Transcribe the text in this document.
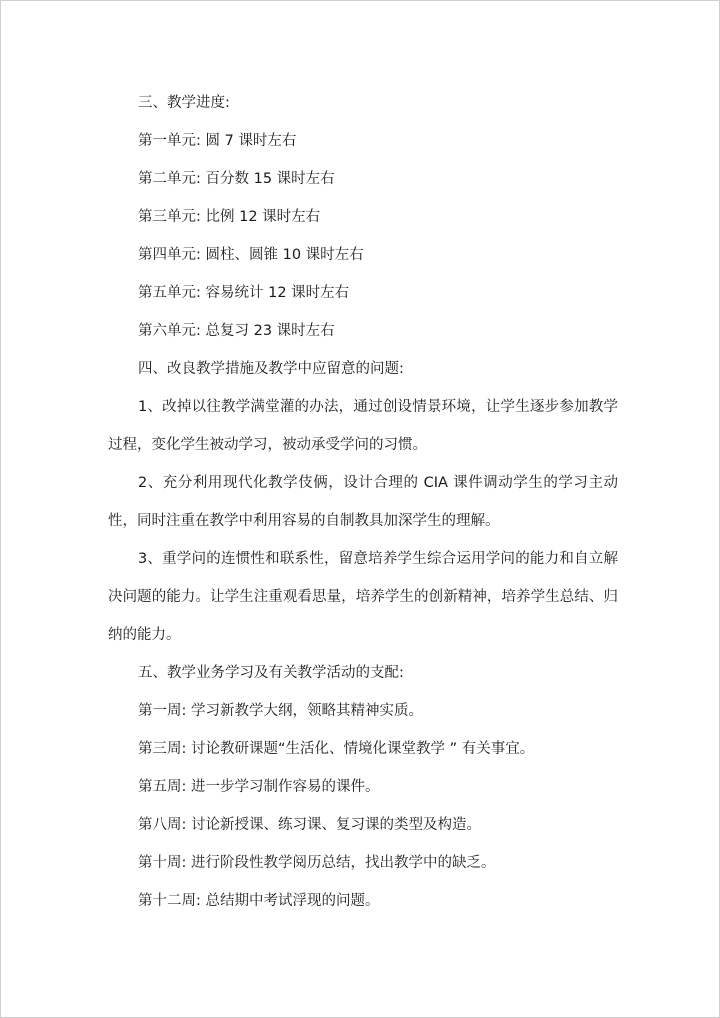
三、教学进度:
第一单元: 圆 7 课时左右
第二单元: 百分数 15 课时左右
第三单元: 比例 12 课时左右
第四单元: 圆柱、圆锥 10 课时左右
第五单元: 容易统计 12 课时左右
第六单元: 总复习 23 课时左右
四、改良教学措施及教学中应留意的问题:
1、改掉以往教学满堂灌的办法，通过创设情景环境，让学生逐步参加教学过程，变化学生被动学习，被动承受学问的习惯。
2、充分利用现代化教学伎俩，设计合理的 CIA 课件调动学生的学习主动性，同时注重在教学中利用容易的自制教具加深学生的理解。
3、重学问的连惯性和联系性，留意培养学生综合运用学问的能力和自立解决问题的能力。让学生注重观看思量，培养学生的创新精神，培养学生总结、归纳的能力。
五、教学业务学习及有关教学活动的支配:
第一周: 学习新教学大纲，领略其精神实质。
第三周: 讨论教研课题“生活化、情境化课堂教学 ” 有关事宜。
第五周: 进一步学习制作容易的课件。
第八周: 讨论新授课、练习课、复习课的类型及构造。
第十周: 进行阶段性教学阅历总结，找出教学中的缺乏。
第十二周: 总结期中考试浮现的问题。
